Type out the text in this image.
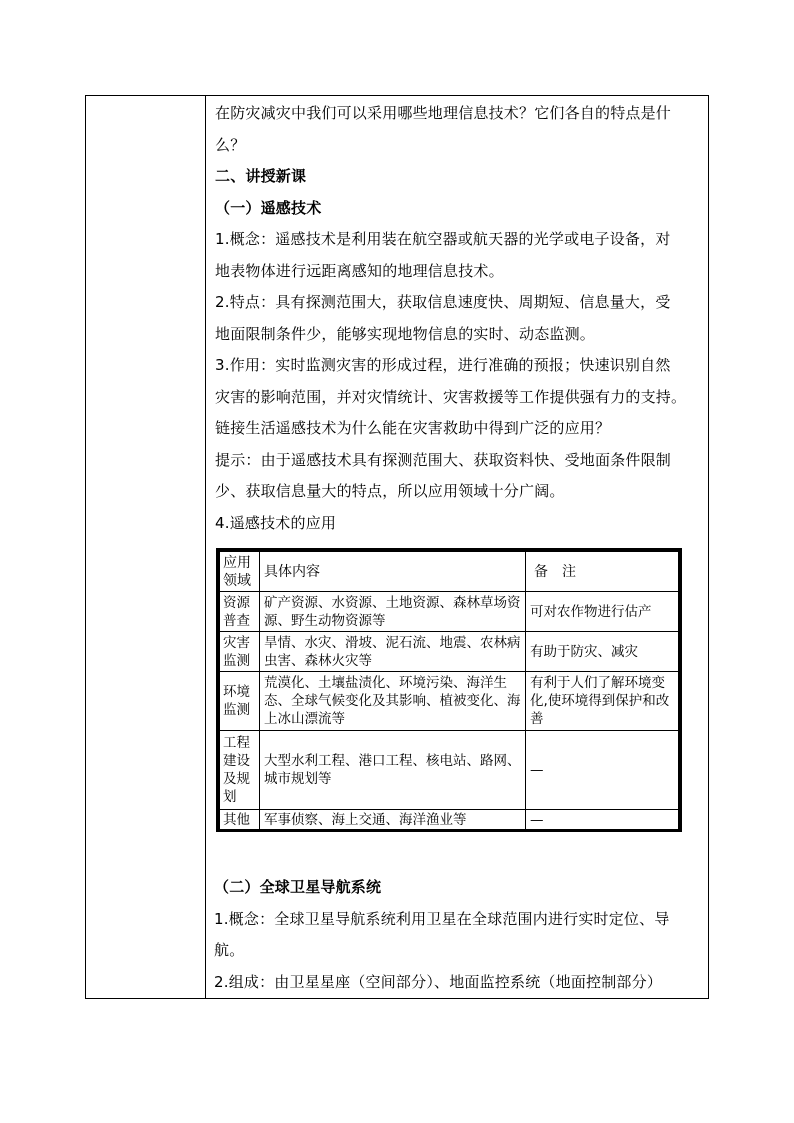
在防灾减灾中我们可以采用哪些地理信息技术？它们各自的特点是什
么？
二、讲授新课
（一）遥感技术
1.概念：遥感技术是利用装在航空器或航天器的光学或电子设备，对
地表物体进行远距离感知的地理信息技术。
2.特点：具有探测范围大，获取信息速度快、周期短、信息量大，受
地面限制条件少，能够实现地物信息的实时、动态监测。
3.作用：实时监测灾害的形成过程，进行准确的预报；快速识别自然
灾害的影响范围，并对灾情统计、灾害救援等工作提供强有力的支持。
链接生活遥感技术为什么能在灾害救助中得到广泛的应用？
提示：由于遥感技术具有探测范围大、获取资料快、受地面条件限制
少、获取信息量大的特点，所以应用领域十分广阔。
4.遥感技术的应用
应用领域	具体内容	备　注
资源普查	矿产资源、水资源、土地资源、森林草场资源、野生动物资源等	可对农作物进行估产
灾害监测	旱情、水灾、滑坡、泥石流、地震、农林病虫害、森林火灾等	有助于防灾、减灾
环境监测	荒漠化、土壤盐渍化、环境污染、海洋生态、全球气候变化及其影响、植被变化、海上冰山漂流等	有利于人们了解环境变化,使环境得到保护和改善
工程建设及规划	大型水利工程、港口工程、核电站、路网、城市规划等	—
其他	军事侦察、海上交通、海洋渔业等	—
（二）全球卫星导航系统
1.概念：全球卫星导航系统利用卫星在全球范围内进行实时定位、导
航。
2.组成：由卫星星座（空间部分）、地面监控系统（地面控制部分）
